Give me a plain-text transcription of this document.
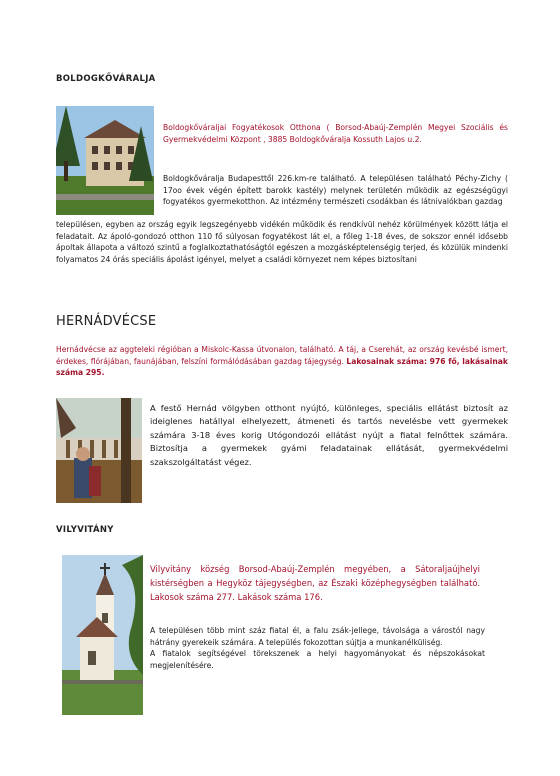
BOLDOGKŐVÁRALJA
Boldogkőváraljai Fogyatékosok Otthona ( Borsod-Abaúj-Zemplén Megyei Szociális és Gyermekvédelmi Központ , 3885 Boldogkőváralja Kossuth Lajos u.2.
Boldogkőváralja Budapesttől 226.km-re található. A településen található Péchy-Zichy ( 17oo évek végén épített barokk kastély) melynek területén működik az egészségügyi fogyatékos gyermekotthon. Az intézmény természeti csodákban és látnivalókban gazdag
településen, egyben az ország egyik legszegényebb vidékén működik és rendkívül nehéz körülmények között látja el feladatait. Az ápoló-gondozó otthon 110 fő súlyosan fogyatékost lát el, a főleg 1-18 éves, de sokszor ennél idősebb ápoltak állapota a változó szintű a foglalkoztathatóságtól egészen a mozgásképtelenségig terjed, és közülük mindenki folyamatos 24 órás speciális ápolást igényel, melyet a családi környezet nem képes biztosítani
HERNÁDVÉCSE
Hernádvécse az aggteleki régióban a Miskolc-Kassa útvonalon, található. A táj, a Cserehát, az ország kevésbé ismert, érdekes, flórájában, faunájában, felszíni formálódásában gazdag tájegység. Lakosainak száma: 976 fő, lakásainak száma 295.
A festő Hernád völgyben otthont nyújtó, különleges, speciális ellátást biztosít az ideiglenes hatállyal elhelyezett, átmeneti és tartós nevelésbe vett gyermekek számára 3-18 éves korig Utógondozói ellátást nyújt a fiatal felnőttek számára. Biztosítja a gyermekek gyámi feladatainak ellátását, gyermekvédelmi szakszolgáltatást végez.
VILYVITÁNY
Vilyvitány község Borsod-Abaúj-Zemplén megyében, a Sátoraljaújhelyi kistérségben a Hegyköz tájegységben, az Északi középhegységben található. Lakosok száma 277. Lakások száma 176.

A településen több mint száz fiatal él, a falu zsák-jellege, távolsága a várostól nagy hátrány gyerekeik számára. A település fokozottan sújtja a munkanélküliség.

A fiatalok segítségével törekszenek a helyi hagyományokat és népszokásokat megjelenítésére.
